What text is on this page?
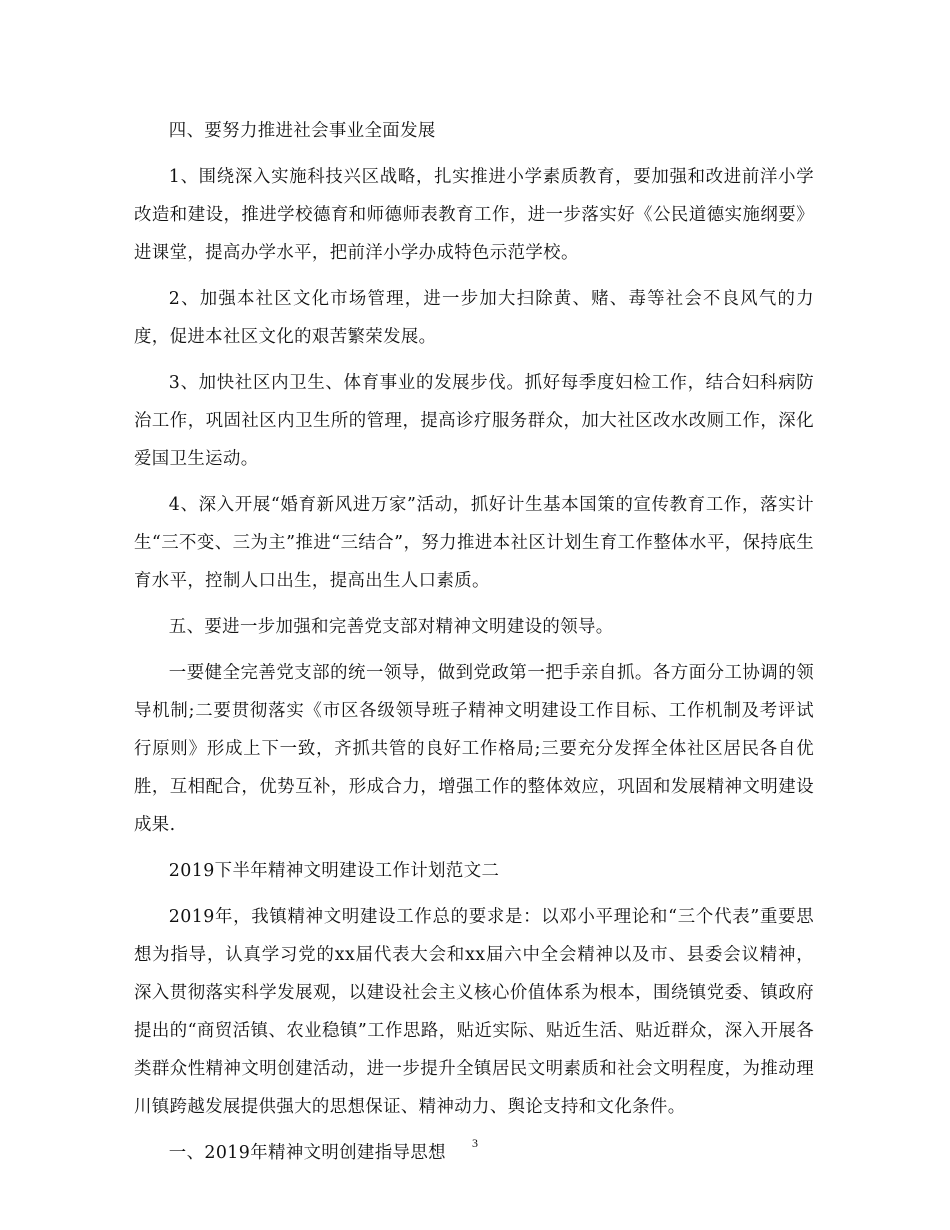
四、要努力推进社会事业全面发展

1、围绕深入实施科技兴区战略，扎实推进小学素质教育，要加强和改进前洋小学改造和建设，推进学校德育和师德师表教育工作，进一步落实好《公民道德实施纲要》进课堂，提高办学水平，把前洋小学办成特色示范学校。

2、加强本社区文化市场管理，进一步加大扫除黄、赌、毒等社会不良风气的力度，促进本社区文化的艰苦繁荣发展。

3、加快社区内卫生、体育事业的发展步伐。抓好每季度妇检工作，结合妇科病防治工作，巩固社区内卫生所的管理，提高诊疗服务群众，加大社区改水改厕工作，深化爱国卫生运动。

4、深入开展“婚育新风进万家”活动，抓好计生基本国策的宣传教育工作，落实计生“三不变、三为主”推进“三结合”，努力推进本社区计划生育工作整体水平，保持底生育水平，控制人口出生，提高出生人口素质。

五、要进一步加强和完善党支部对精神文明建设的领导。

一要健全完善党支部的统一领导，做到党政第一把手亲自抓。各方面分工协调的领导机制;二要贯彻落实《市区各级领导班子精神文明建设工作目标、工作机制及考评试行原则》形成上下一致，齐抓共管的良好工作格局;三要充分发挥全体社区居民各自优胜，互相配合，优势互补，形成合力，增强工作的整体效应，巩固和发展精神文明建设成果.

2019下半年精神文明建设工作计划范文二

2019年，我镇精神文明建设工作总的要求是：以邓小平理论和“三个代表”重要思想为指导，认真学习党的xx届代表大会和xx届六中全会精神以及市、县委会议精神，深入贯彻落实科学发展观，以建设社会主义核心价值体系为根本，围绕镇党委、镇政府提出的“商贸活镇、农业稳镇”工作思路，贴近实际、贴近生活、贴近群众，深入开展各类群众性精神文明创建活动，进一步提升全镇居民文明素质和社会文明程度，为推动理川镇跨越发展提供强大的思想保证、精神动力、舆论支持和文化条件。

一、2019年精神文明创建指导思想	3
